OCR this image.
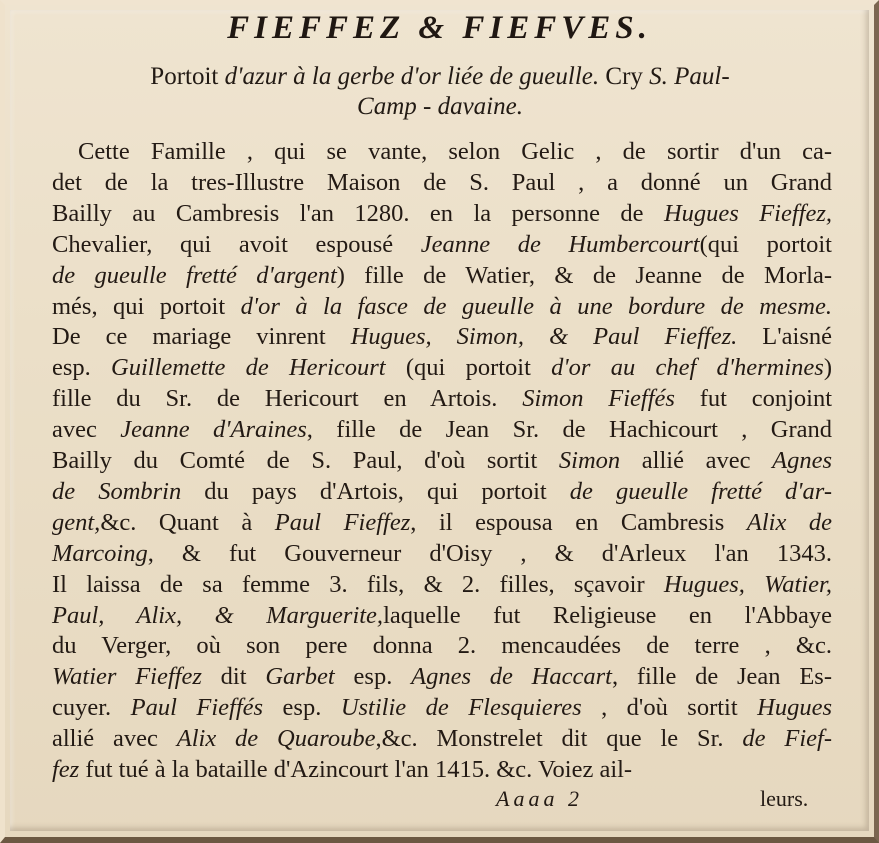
FIEFFEZ & FIEFVES.
Portoit d'azur à la gerbe d'or liée de gueulle. Cry S. Paul-
Camp - davaine.
Cette Famille , qui se vante, selon Gelic , de sortir d'un ca-
det de la tres-Illustre Maison de S. Paul , a donné un Grand
Bailly au Cambresis l'an 1280. en la personne de Hugues Fieffez,
Chevalier, qui avoit espousé Jeanne de Humbercourt(qui portoit
de gueulle fretté d'argent) fille de Watier, & de Jeanne de Morla-
més, qui portoit d'or à la fasce de gueulle à une bordure de mesme.
De ce mariage vinrent Hugues, Simon, & Paul Fieffez. L'aisné
esp. Guillemette de Hericourt (qui portoit d'or au chef d'hermines)
fille du Sr. de Hericourt en Artois. Simon Fieffés fut conjoint
avec Jeanne d'Araines, fille de Jean Sr. de Hachicourt , Grand
Bailly du Comté de S. Paul, d'où sortit Simon allié avec Agnes
de Sombrin du pays d'Artois, qui portoit de gueulle fretté d'ar-
gent,&c. Quant à Paul Fieffez, il espousa en Cambresis Alix de
Marcoing, & fut Gouverneur d'Oisy , & d'Arleux l'an 1343.
Il laissa de sa femme 3. fils, & 2. filles, sçavoir Hugues, Watier,
Paul, Alix, & Marguerite,laquelle fut Religieuse en l'Abbaye
du Verger, où son pere donna 2. mencaudées de terre , &c.
Watier Fieffez dit Garbet esp. Agnes de Haccart, fille de Jean Es-
cuyer. Paul Fieffés esp. Ustilie de Flesquieres , d'où sortit Hugues
allié avec Alix de Quaroube,&c. Monstrelet dit que le Sr. de Fief-
fez fut tué à la bataille d'Azincourt l'an 1415. &c. Voiez ail-
Aaaa 2	leurs.
